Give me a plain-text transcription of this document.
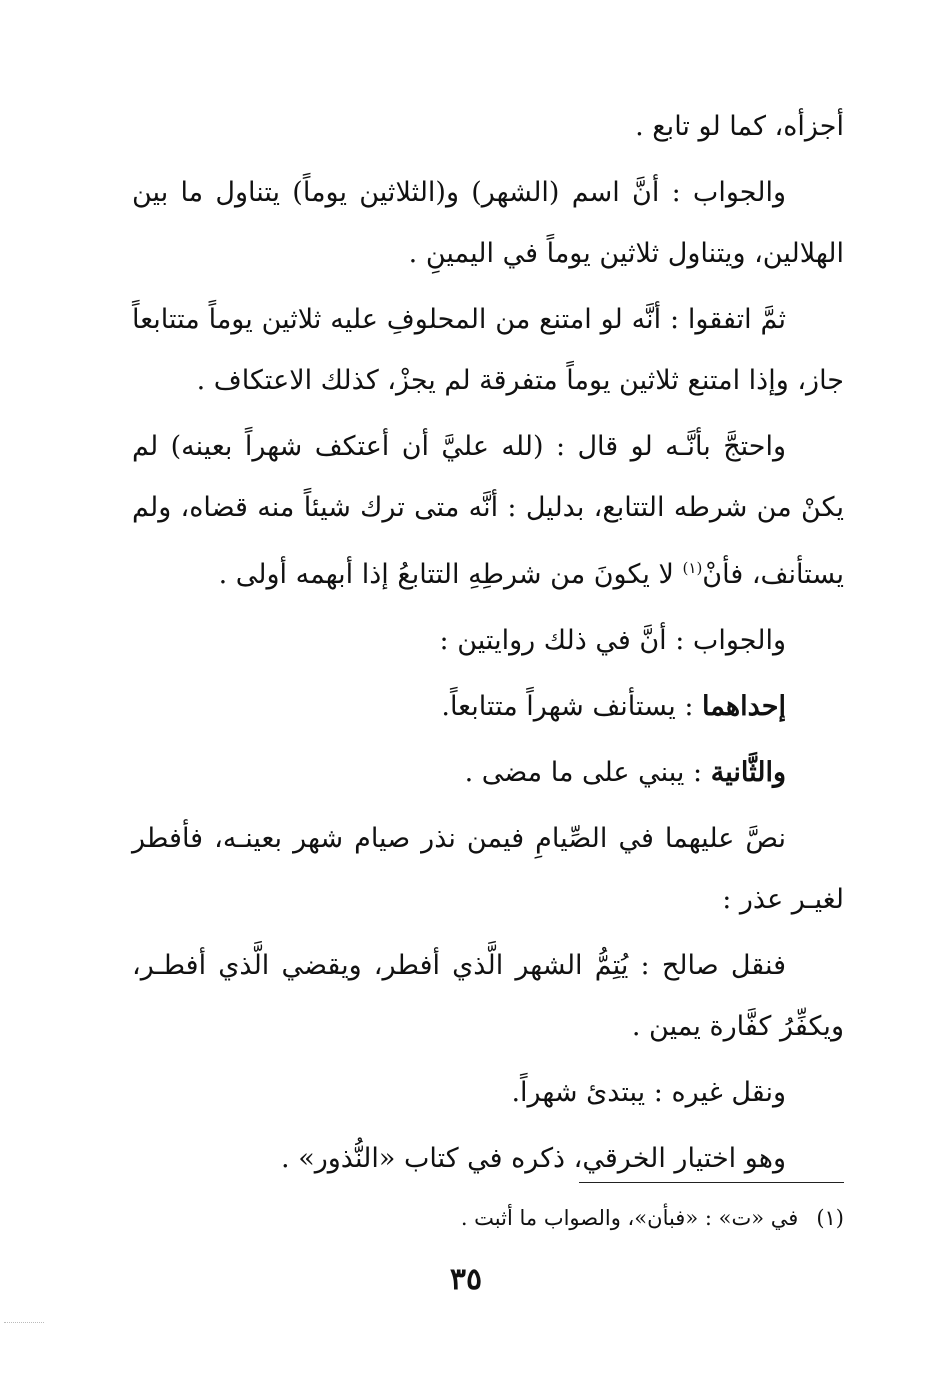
أجزأه، كما لو تابع .

والجواب : أنَّ اسم (الشهر) و(الثلاثين يوماً) يتناول ما بين الهلالين، ويتناول ثلاثين يوماً في اليمينِ .

ثمَّ اتفقوا : أنَّه لو امتنع من المحلوفِ عليه ثلاثين يوماً متتابعاً جاز، وإذا امتنع ثلاثين يوماً متفرقة لم يجزْ، كذلك الاعتكاف .

واحتجَّ بأنَّـه لو قال : (لله عليَّ أن أعتكف شهراً بعينه) لم يكنْ من شرطه التتابع، بدليل : أنَّه متى ترك شيئاً منه قضاه، ولم يستأنف، فأنْ$^{(١)}$ لا يكونَ من شرطِهِ التتابعُ إذا أبهمه أولى .

والجواب : أنَّ في ذلك روايتين :

إحداهما : يستأنف شهراً متتابعاً.

والثَّانية : يبني على ما مضى .

نصَّ عليهما في الصِّيامِ فيمن نذر صيام شهر بعينـه، فأفطر لغيـر عذر :

فنقل صالح : يُتِمُّ الشهر الَّذي أفطر، ويقضي الَّذي أفطـر، ويكفِّرُ كفَّارة يمين .

ونقل غيره : يبتدئ شهراً.

وهو اختيار الخرقي، ذكره في كتاب «النُّذور» .

(١)في «ت» : «فبأن»، والصواب ما أثبت .
٣٥
